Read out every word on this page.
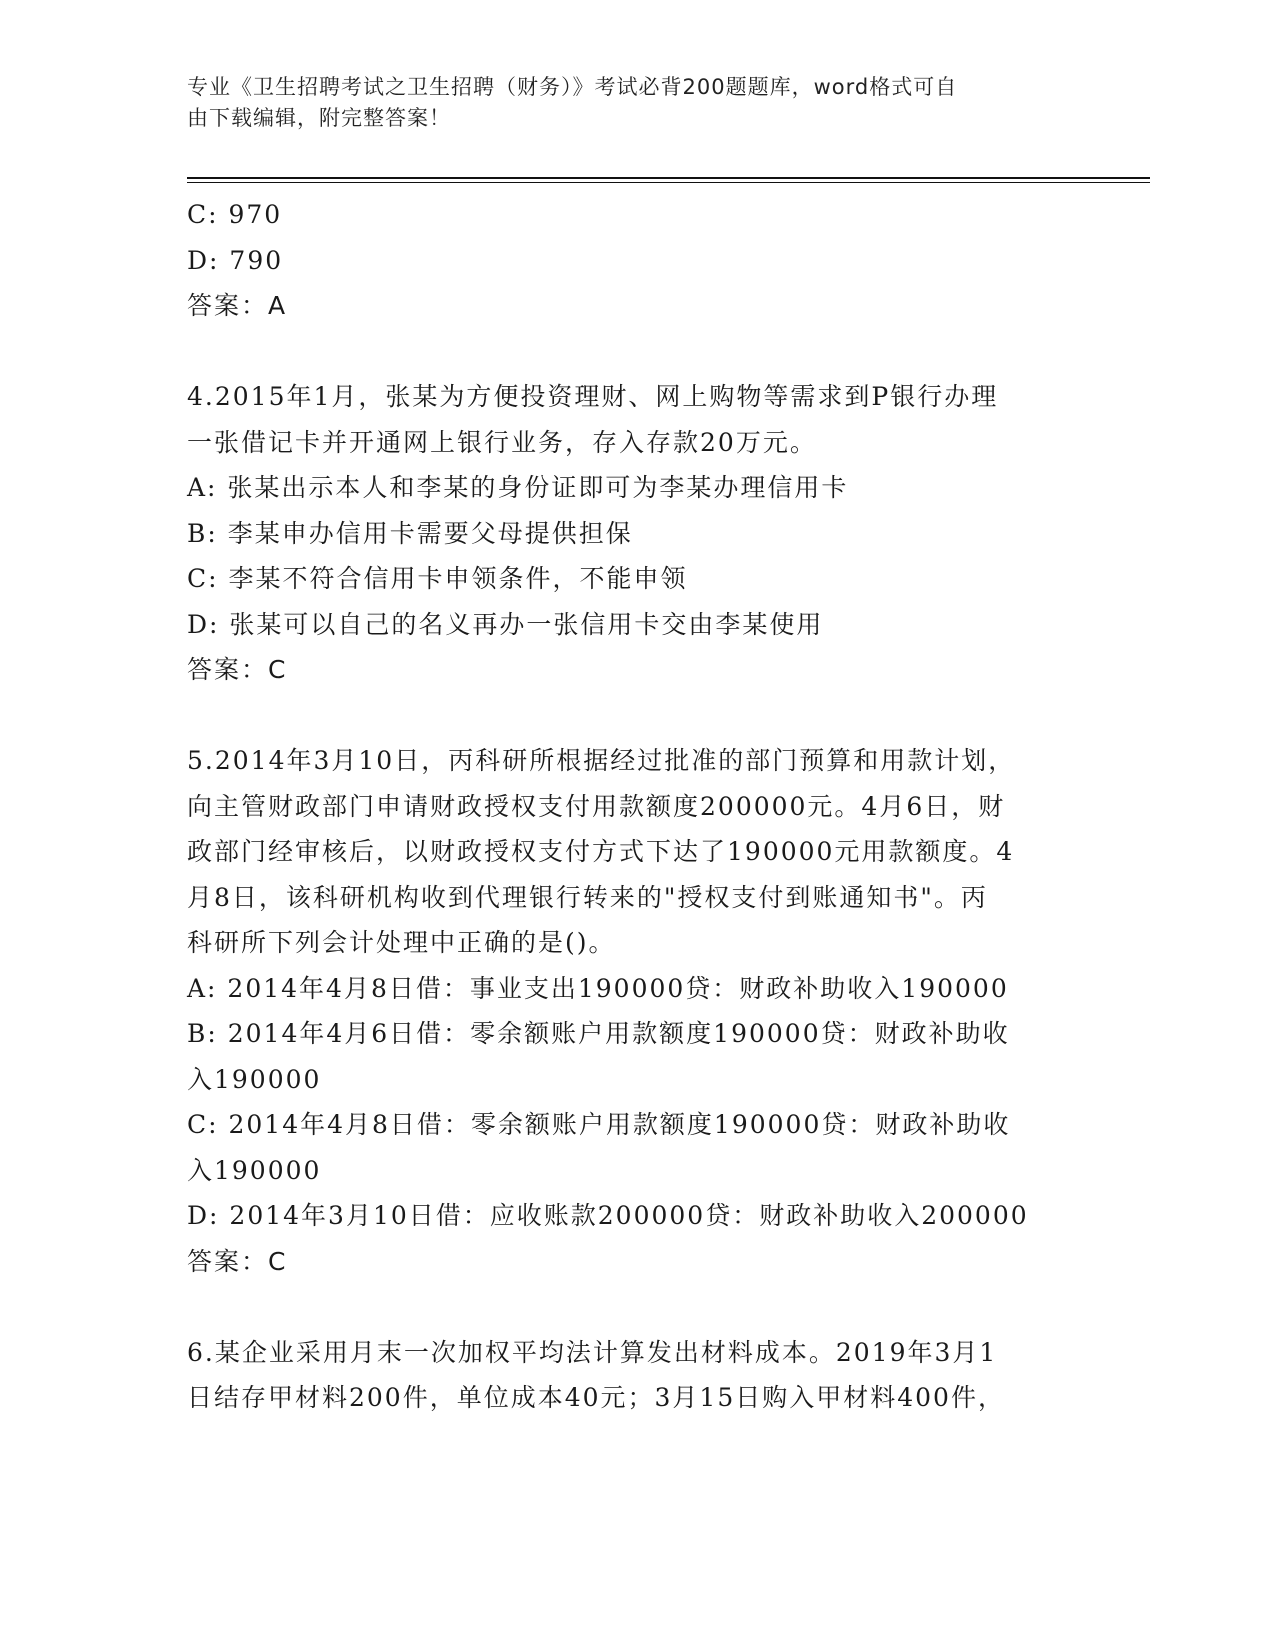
专业《卫生招聘考试之卫生招聘（财务）》考试必背200题题库，word格式可自
由下载编辑，附完整答案！
C: 970
D: 790
答案：A
4.2015年1月，张某为方便投资理财、网上购物等需求到P银行办理
一张借记卡并开通网上银行业务，存入存款20万元。
A: 张某出示本人和李某的身份证即可为李某办理信用卡
B: 李某申办信用卡需要父母提供担保
C: 李某不符合信用卡申领条件，不能申领
D: 张某可以自己的名义再办一张信用卡交由李某使用
答案：C
5.2014年3月10日，丙科研所根据经过批准的部门预算和用款计划，
向主管财政部门申请财政授权支付用款额度200000元。4月6日，财
政部门经审核后，以财政授权支付方式下达了190000元用款额度。4
月8日，该科研机构收到代理银行转来的"授权支付到账通知书"。丙
科研所下列会计处理中正确的是()。
A: 2014年4月8日借：事业支出190000贷：财政补助收入190000
B: 2014年4月6日借：零余额账户用款额度190000贷：财政补助收
入190000
C: 2014年4月8日借：零余额账户用款额度190000贷：财政补助收
入190000
D: 2014年3月10日借：应收账款200000贷：财政补助收入200000
答案：C
6.某企业采用月末一次加权平均法计算发出材料成本。2019年3月1
日结存甲材料200件，单位成本40元；3月15日购入甲材料400件，
